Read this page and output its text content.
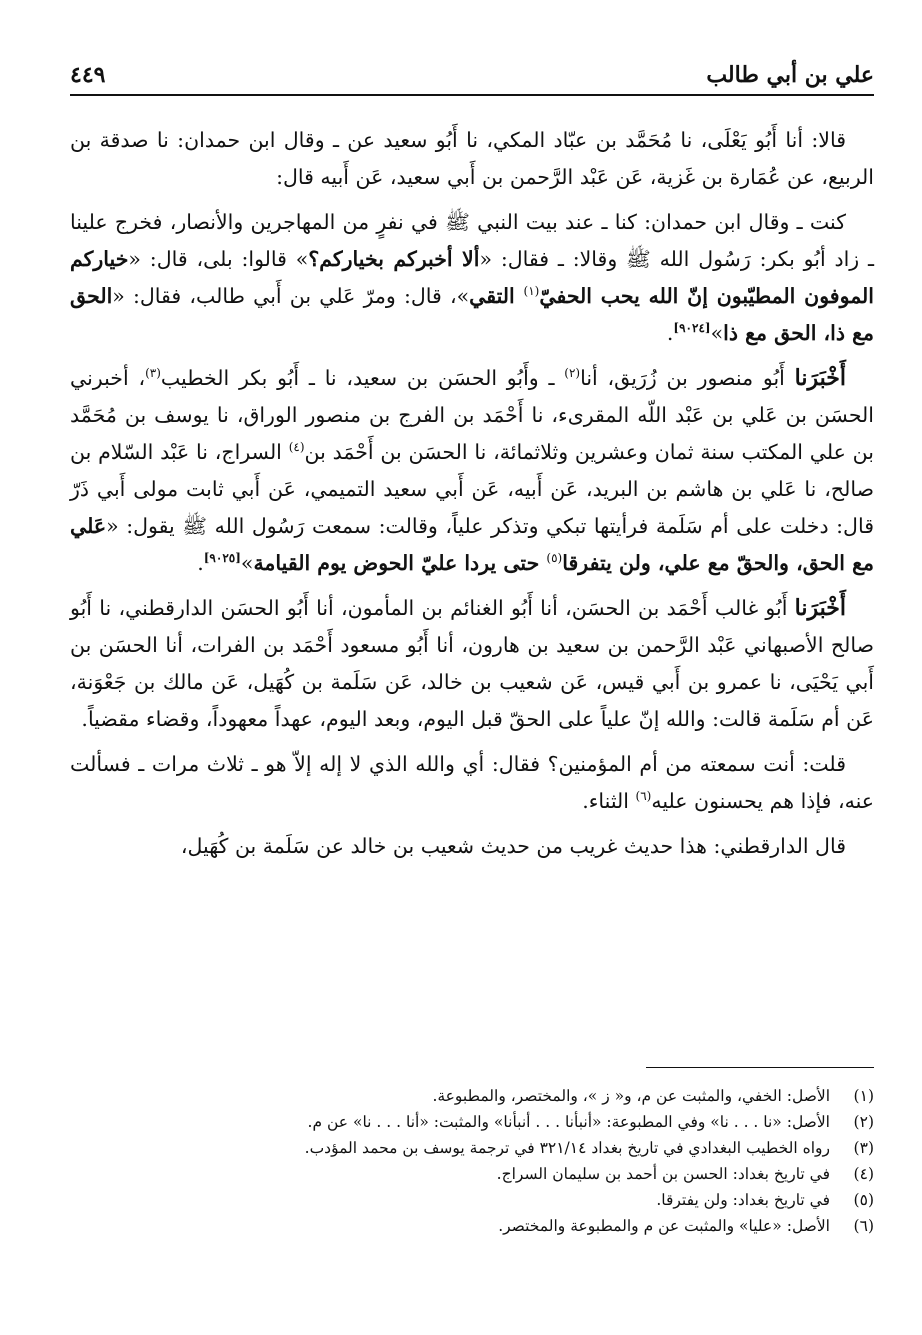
علي بن أبي طالب
٤٤٩

قالا: أنا أَبُو يَعْلَى، نا مُحَمَّد بن عبّاد المكي، نا أَبُو سعيد عن ـ وقال ابن حمدان: نا صدقة بن الربيع، عن عُمَارة بن غَزية، عَن عَبْد الرَّحمن بن أَبي سعيد، عَن أَبيه قال:

كنت ـ وقال ابن حمدان: كنا ـ عند بيت النبي ﷺ في نفرٍ من المهاجرين والأنصار، فخرج علينا ـ زاد أبُو بكر: رَسُول الله ﷺ وقالا: ـ فقال: «ألا أخبركم بخياركم؟» قالوا: بلى، قال: «خياركم الموفون المطيّبون إنّ الله يحب الحفيّ$^{(١)}$ التقي»، قال: ومرّ عَلي بن أَبي طالب، فقال: «الحق مع ذا، الحق مع ذا»[٩٠٢٤].

أَخْبَرَنا أَبُو منصور بن زُرَيق، أنا$^{(٢)}$ ـ وأَبُو الحسَن بن سعيد، نا ـ أَبُو بكر الخطيب$^{(٣)}$، أخبرني الحسَن بن عَلي بن عَبْد اللّه المقرىء، نا أَحْمَد بن الفرج بن منصور الوراق، نا يوسف بن مُحَمَّد بن علي المكتب سنة ثمان وعشرين وثلاثمائة، نا الحسَن بن أَحْمَد بن$^{(٤)}$ السراج، نا عَبْد السّلام بن صالح، نا عَلي بن هاشم بن البريد، عَن أَبيه، عَن أَبي سعيد التميمي، عَن أَبي ثابت مولى أَبي ذَرّ قال: دخلت على أم سَلَمة فرأيتها تبكي وتذكر علياً، وقالت: سمعت رَسُول الله ﷺ يقول: «عَلي مع الحق، والحقّ مع علي، ولن يتفرقا$^{(٥)}$ حتى يردا عليّ الحوض يوم القيامة»[٩٠٢٥].

أَخْبَرَنا أَبُو غالب أَحْمَد بن الحسَن، أنا أَبُو الغنائم بن المأمون، أنا أَبُو الحسَن الدارقطني، نا أَبُو صالح الأصبهاني عَبْد الرَّحمن بن سعيد بن هارون، أنا أَبُو مسعود أَحْمَد بن الفرات، أنا الحسَن بن أَبي يَحْيَى، نا عمرو بن أَبي قيس، عَن شعيب بن خالد، عَن سَلَمة بن كُهَيل، عَن مالك بن جَعْوَنة، عَن أم سَلَمة قالت: والله إنّ علياً على الحقّ قبل اليوم، وبعد اليوم، عهداً معهوداً، وقضاء مقضياً.

قلت: أنت سمعته من أم المؤمنين؟ فقال: أي والله الذي لا إله إلاّ هو ـ ثلاث مرات ـ فسألت عنه، فإذا هم يحسنون عليه$^{(٦)}$ الثناء.

قال الدارقطني: هذا حديث غريب من حديث شعيب بن خالد عن سَلَمة بن كُهَيل،

(١)
الأصل: الخفي، والمثبت عن م، و« ز »، والمختصر، والمطبوعة.
(٢)
الأصل: «نا . . . نا» وفي المطبوعة: «أنبأنا . . . أنبأنا» والمثبت: «أنا . . . نا» عن م.
(٣)
رواه الخطيب البغدادي في تاريخ بغداد ٣٢١/١٤ في ترجمة يوسف بن محمد المؤدب.
(٤)
في تاريخ بغداد: الحسن بن أحمد بن سليمان السراج.
(٥)
في تاريخ بغداد: ولن يفترقا.
(٦)
الأصل: «عليا» والمثبت عن م والمطبوعة والمختصر.
